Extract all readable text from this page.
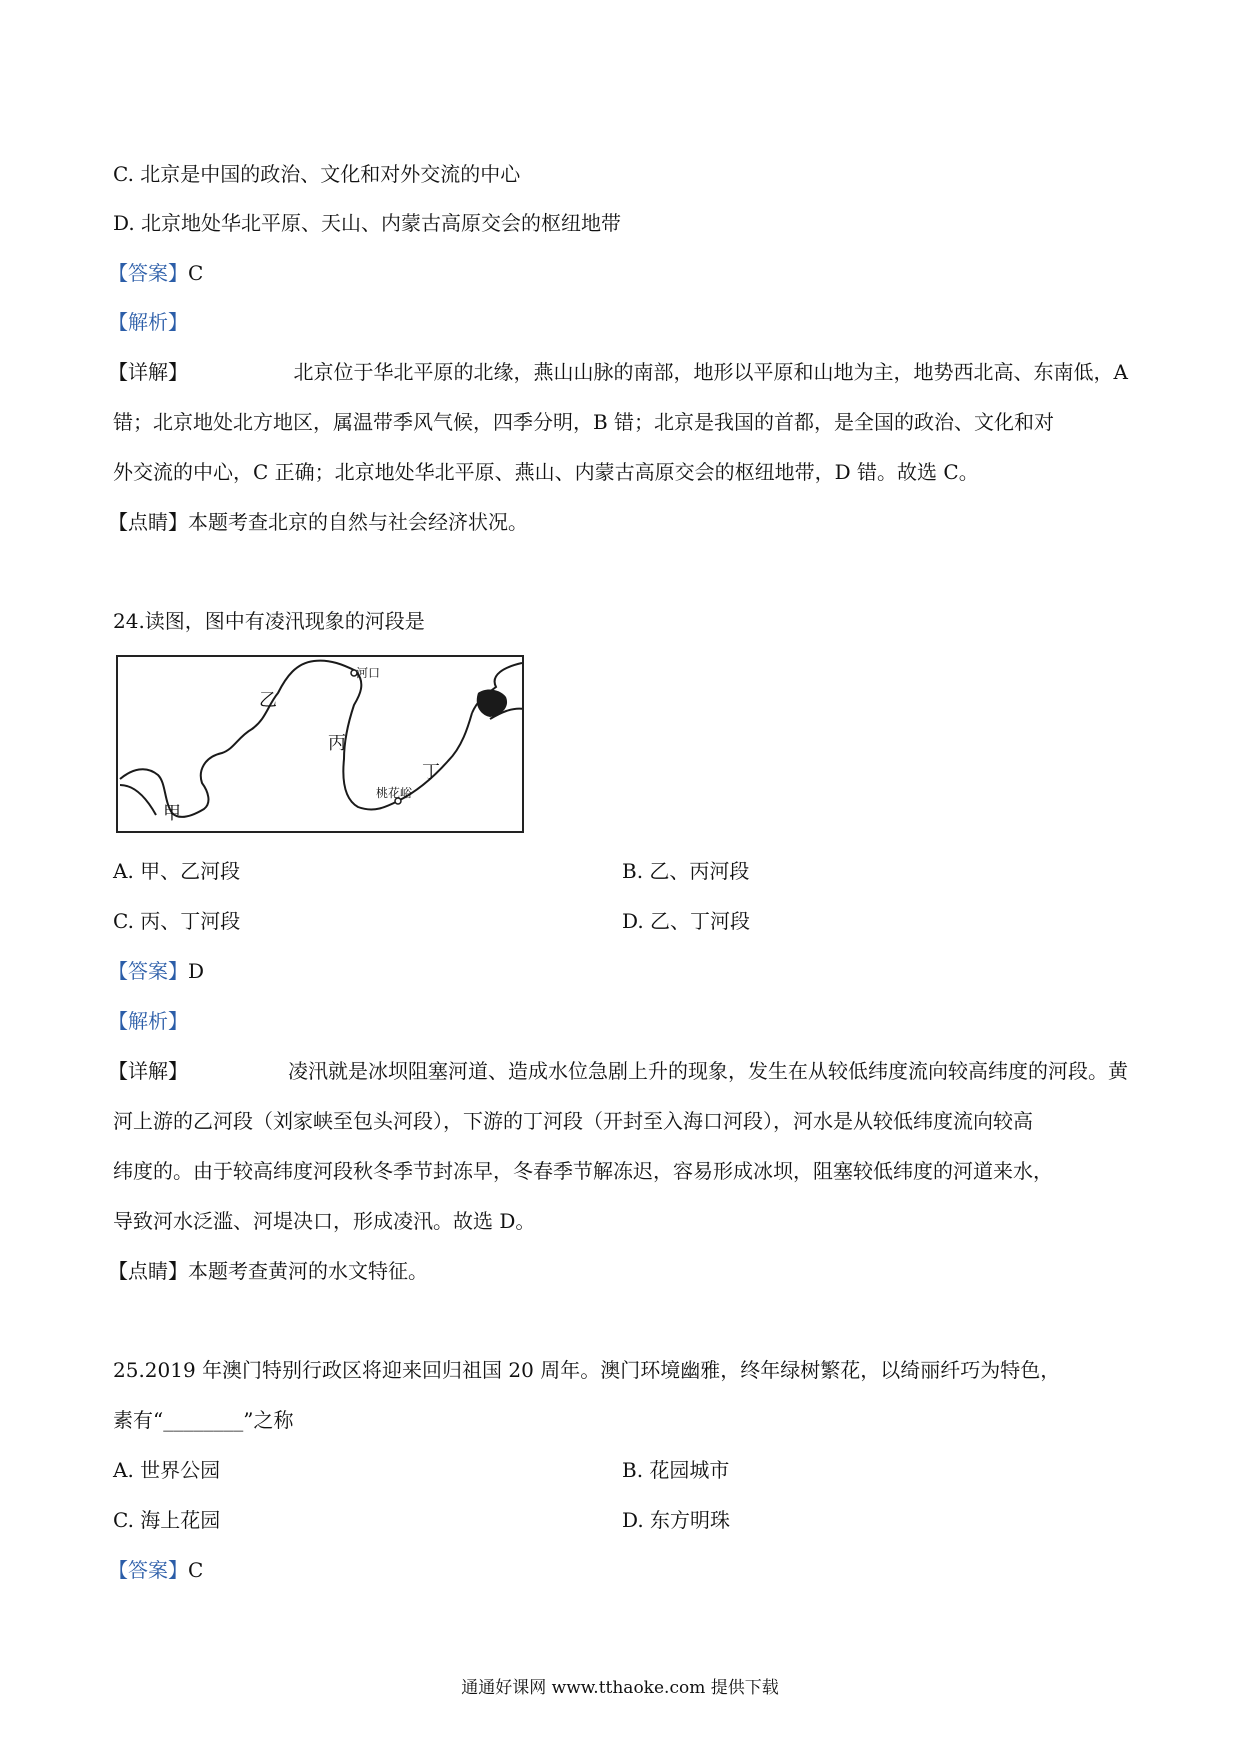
C. 北京是中国的政治、文化和对外交流的中心
D. 北京地处华北平原、天山、内蒙古高原交会的枢纽地带
【答案】C
【解析】
【详解】	北京位于华北平原的北缘，燕山山脉的南部，地形以平原和山地为主，地势西北高、东南低，A
错；北京地处北方地区，属温带季风气候，四季分明，B 错；北京是我国的首都，是全国的政治、文化和对
外交流的中心，C 正确；北京地处华北平原、燕山、内蒙古高原交会的枢纽地带，D 错。故选 C。
【点睛】本题考查北京的自然与社会经济状况。
24.读图，图中有凌汛现象的河段是
甲
乙
丙
丁
河口
桃花峪
A. 甲、乙河段	B. 乙、丙河段
C. 丙、丁河段	D. 乙、丁河段
【答案】D
【解析】
【详解】	凌汛就是冰坝阻塞河道、造成水位急剧上升的现象，发生在从较低纬度流向较高纬度的河段。黄
河上游的乙河段（刘家峡至包头河段），下游的丁河段（开封至入海口河段），河水是从较低纬度流向较高
纬度的。由于较高纬度河段秋冬季节封冻早，冬春季节解冻迟，容易形成冰坝，阻塞较低纬度的河道来水，
导致河水泛滥、河堤决口，形成凌汛。故选 D。
【点睛】本题考查黄河的水文特征。
25.2019 年澳门特别行政区将迎来回归祖国 20 周年。澳门环境幽雅，终年绿树繁花，以绮丽纤巧为特色，
素有“________”之称
A. 世界公园	B. 花园城市
C. 海上花园	D. 东方明珠
【答案】C
通通好课网 www.tthaoke.com 提供下载
